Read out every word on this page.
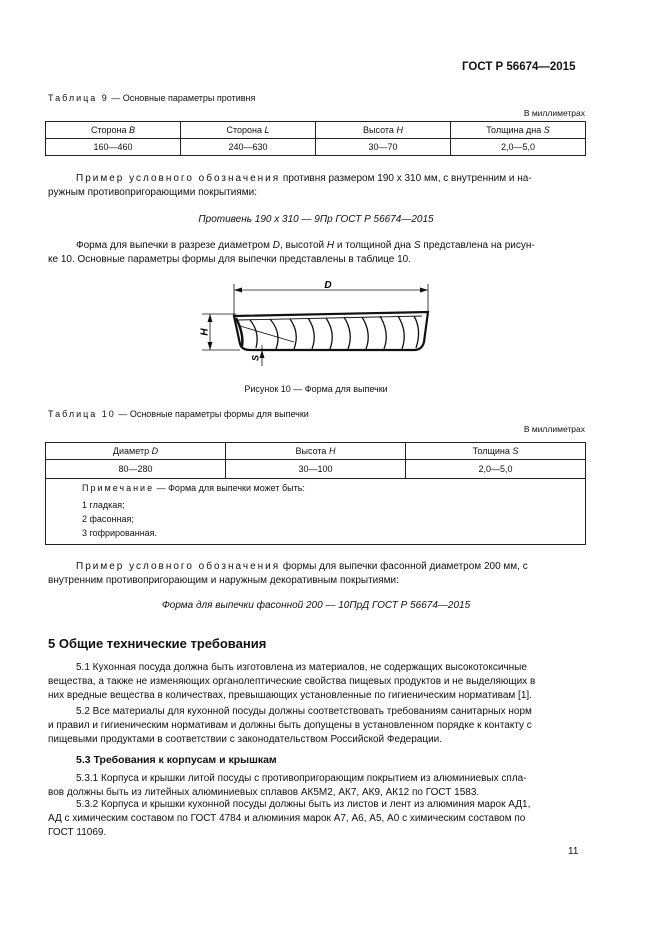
ГОСТ Р 56674—2015
Таблица 9 — Основные параметры противня
В миллиметрах
Сторона B	Сторона L	Высота H	Толщина дна S
160—460	240—630	30—70	2,0—5,0
Пример условного обозначения противня размером 190 х 310 мм, с внутренним и на-
ружным противопригорающими покрытиями:
Противень 190 х 310 — 9Пр ГОСТ Р 56674—2015
Форма для выпечки в разрезе диаметром D, высотой H и толщиной дна S представлена на рисун-
ке 10. Основные параметры формы для выпечки представлены в таблице 10.
D
H
S
Рисунок 10 — Форма для выпечки
Таблица 10 — Основные параметры формы для выпечки
В миллиметрах
Диаметр D	Высота H	Толщина S
80—280	30—100	2,0—5,0

Примечание — Форма для выпечки может быть:
1 гладкая;
2 фасонная;
3 гофрированная.		
Пример условного обозначения формы для выпечки фасонной диаметром 200 мм, с
внутренним противопригорающим и наружным декоративным покрытиями:
Форма для выпечки фасонной 200 — 10ПрД ГОСТ Р 56674—2015
5 Общие технические требования
5.1 Кухонная посуда должна быть изготовлена из материалов, не содержащих высокотоксичные
вещества, а также не изменяющих органолептические свойства пищевых продуктов и не выделяющих в
них вредные вещества в количествах, превышающих установленные по гигиеническим нормативам [1].
5.2 Все материалы для кухонной посуды должны соответствовать требованиям санитарных норм
и правил и гигиеническим нормативам и должны быть допущены в установленном порядке к контакту с
пищевыми продуктами в соответствии с законодательством Российской Федерации.
5.3 Требования к корпусам и крышкам
5.3.1 Корпуса и крышки литой посуды с противопригорающим покрытием из алюминиевых спла-
вов должны быть из литейных алюминиевых сплавов АК5М2, АК7, АК9, АК12 по ГОСТ 1583.
5.3.2 Корпуса и крышки кухонной посуды должны быть из листов и лент из алюминия марок АД1,
АД с химическим составом по ГОСТ 4784 и алюминия марок А7, А6, А5, А0 с химическим составом по
ГОСТ 11069.
11
